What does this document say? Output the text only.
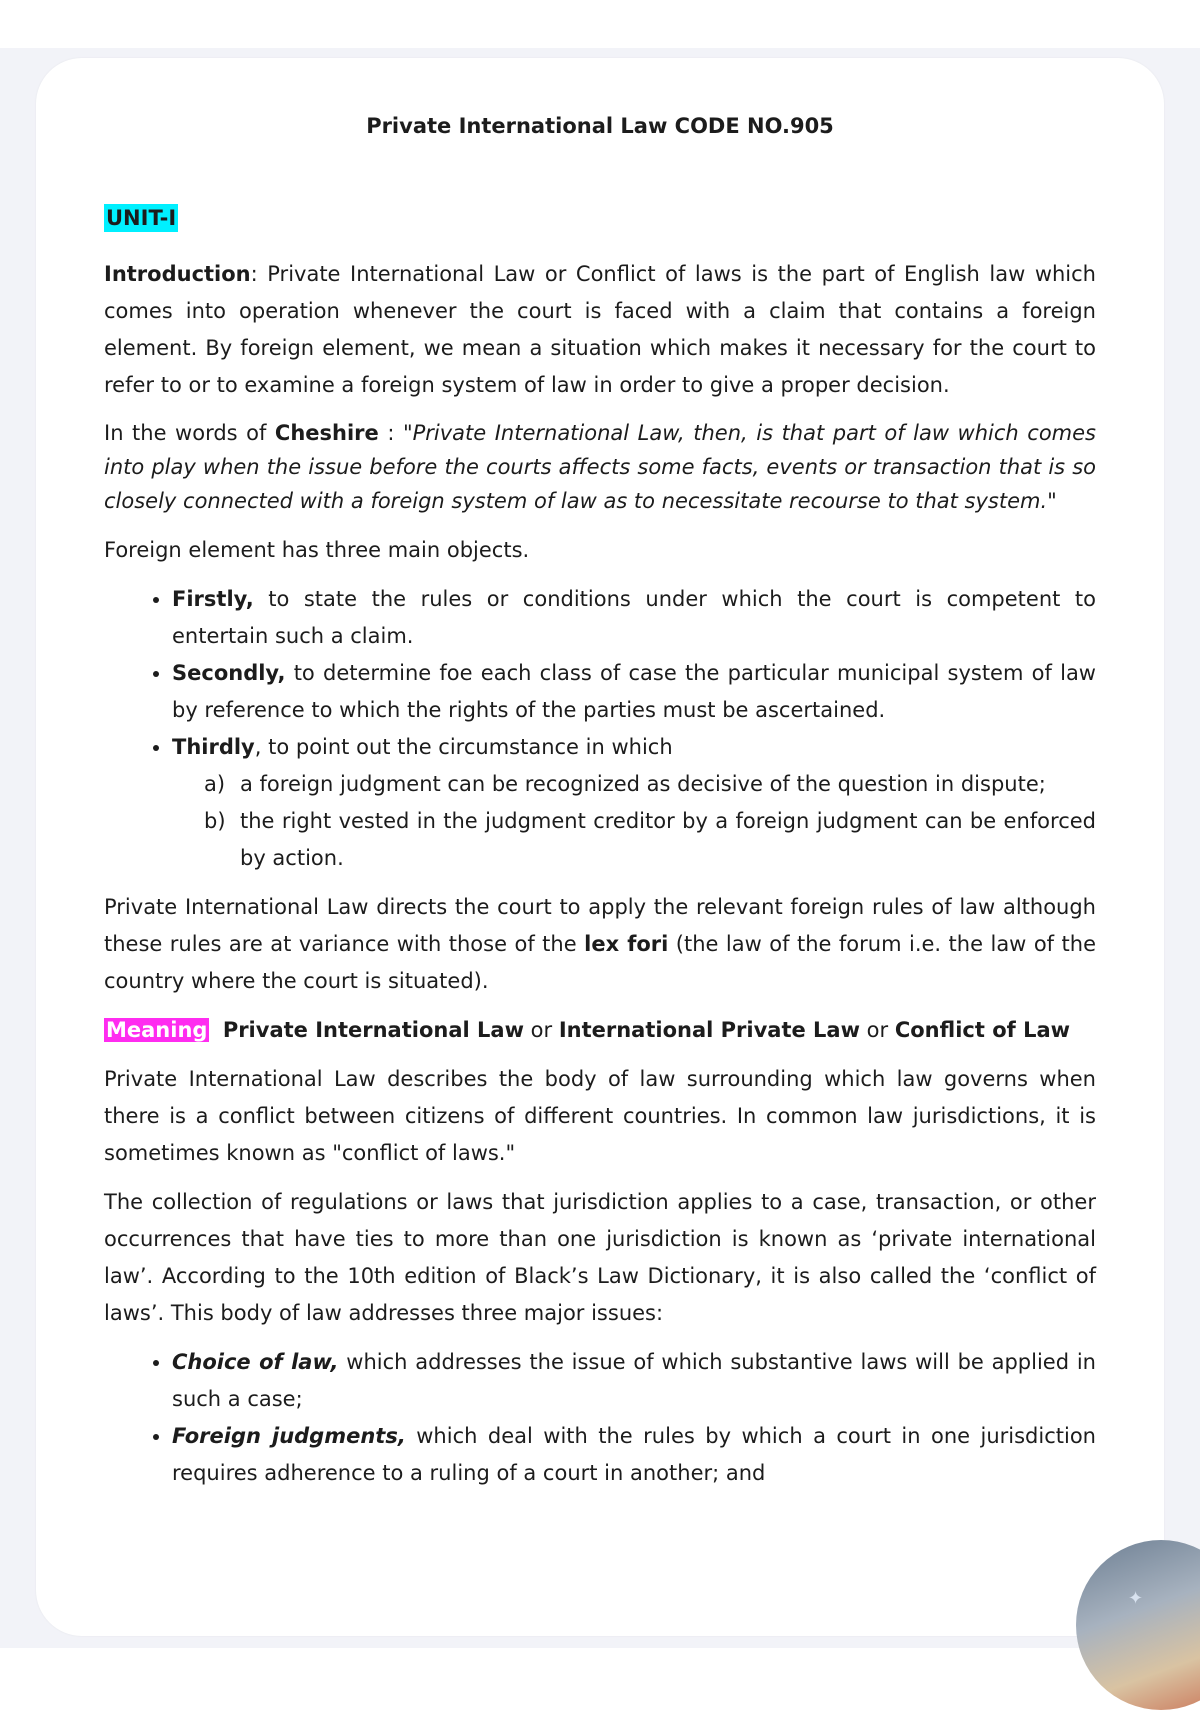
Private International Law CODE NO.905
UNIT-I

Introduction: Private International Law or Conflict of laws is the part of English law which comes into operation whenever the court is faced with a claim that contains a foreign element. By foreign element, we mean a situation which makes it necessary for the court to refer to or to examine a foreign system of law in order to give a proper decision.

In the words of Cheshire : "Private International Law, then, is that part of law which comes into play when the issue before the courts affects some facts, events or transaction that is so closely connected with a foreign system of law as to necessitate recourse to that system."

Foreign element has three main objects.

• Firstly, to state the rules or conditions under which the court is competent to entertain such a claim.
• Secondly, to determine foe each class of case the particular municipal system of law by reference to which the rights of the parties must be ascertained.
• Thirdly, to point out the circumstance in which
a) a foreign judgment can be recognized as decisive of the question in dispute;
b) the right vested in the judgment creditor by a foreign judgment can be enforced by action.

Private International Law directs the court to apply the relevant foreign rules of law although these rules are at variance with those of the lex fori (the law of the forum i.e. the law of the country where the court is situated).

Meaning Private International Law or International Private Law or Conflict of Law

Private International Law describes the body of law surrounding which law governs when there is a conflict between citizens of different countries. In common law jurisdictions, it is sometimes known as "conflict of laws."

The collection of regulations or laws that jurisdiction applies to a case, transaction, or other occurrences that have ties to more than one jurisdiction is known as ‘private international law’. According to the 10th edition of Black’s Law Dictionary, it is also called the ‘conflict of laws’. This body of law addresses three major issues:

• Choice of law, which addresses the issue of which substantive laws will be applied in such a case;
• Foreign judgments, which deal with the rules by which a court in one jurisdiction requires adherence to a ruling of a court in another; and
✦
